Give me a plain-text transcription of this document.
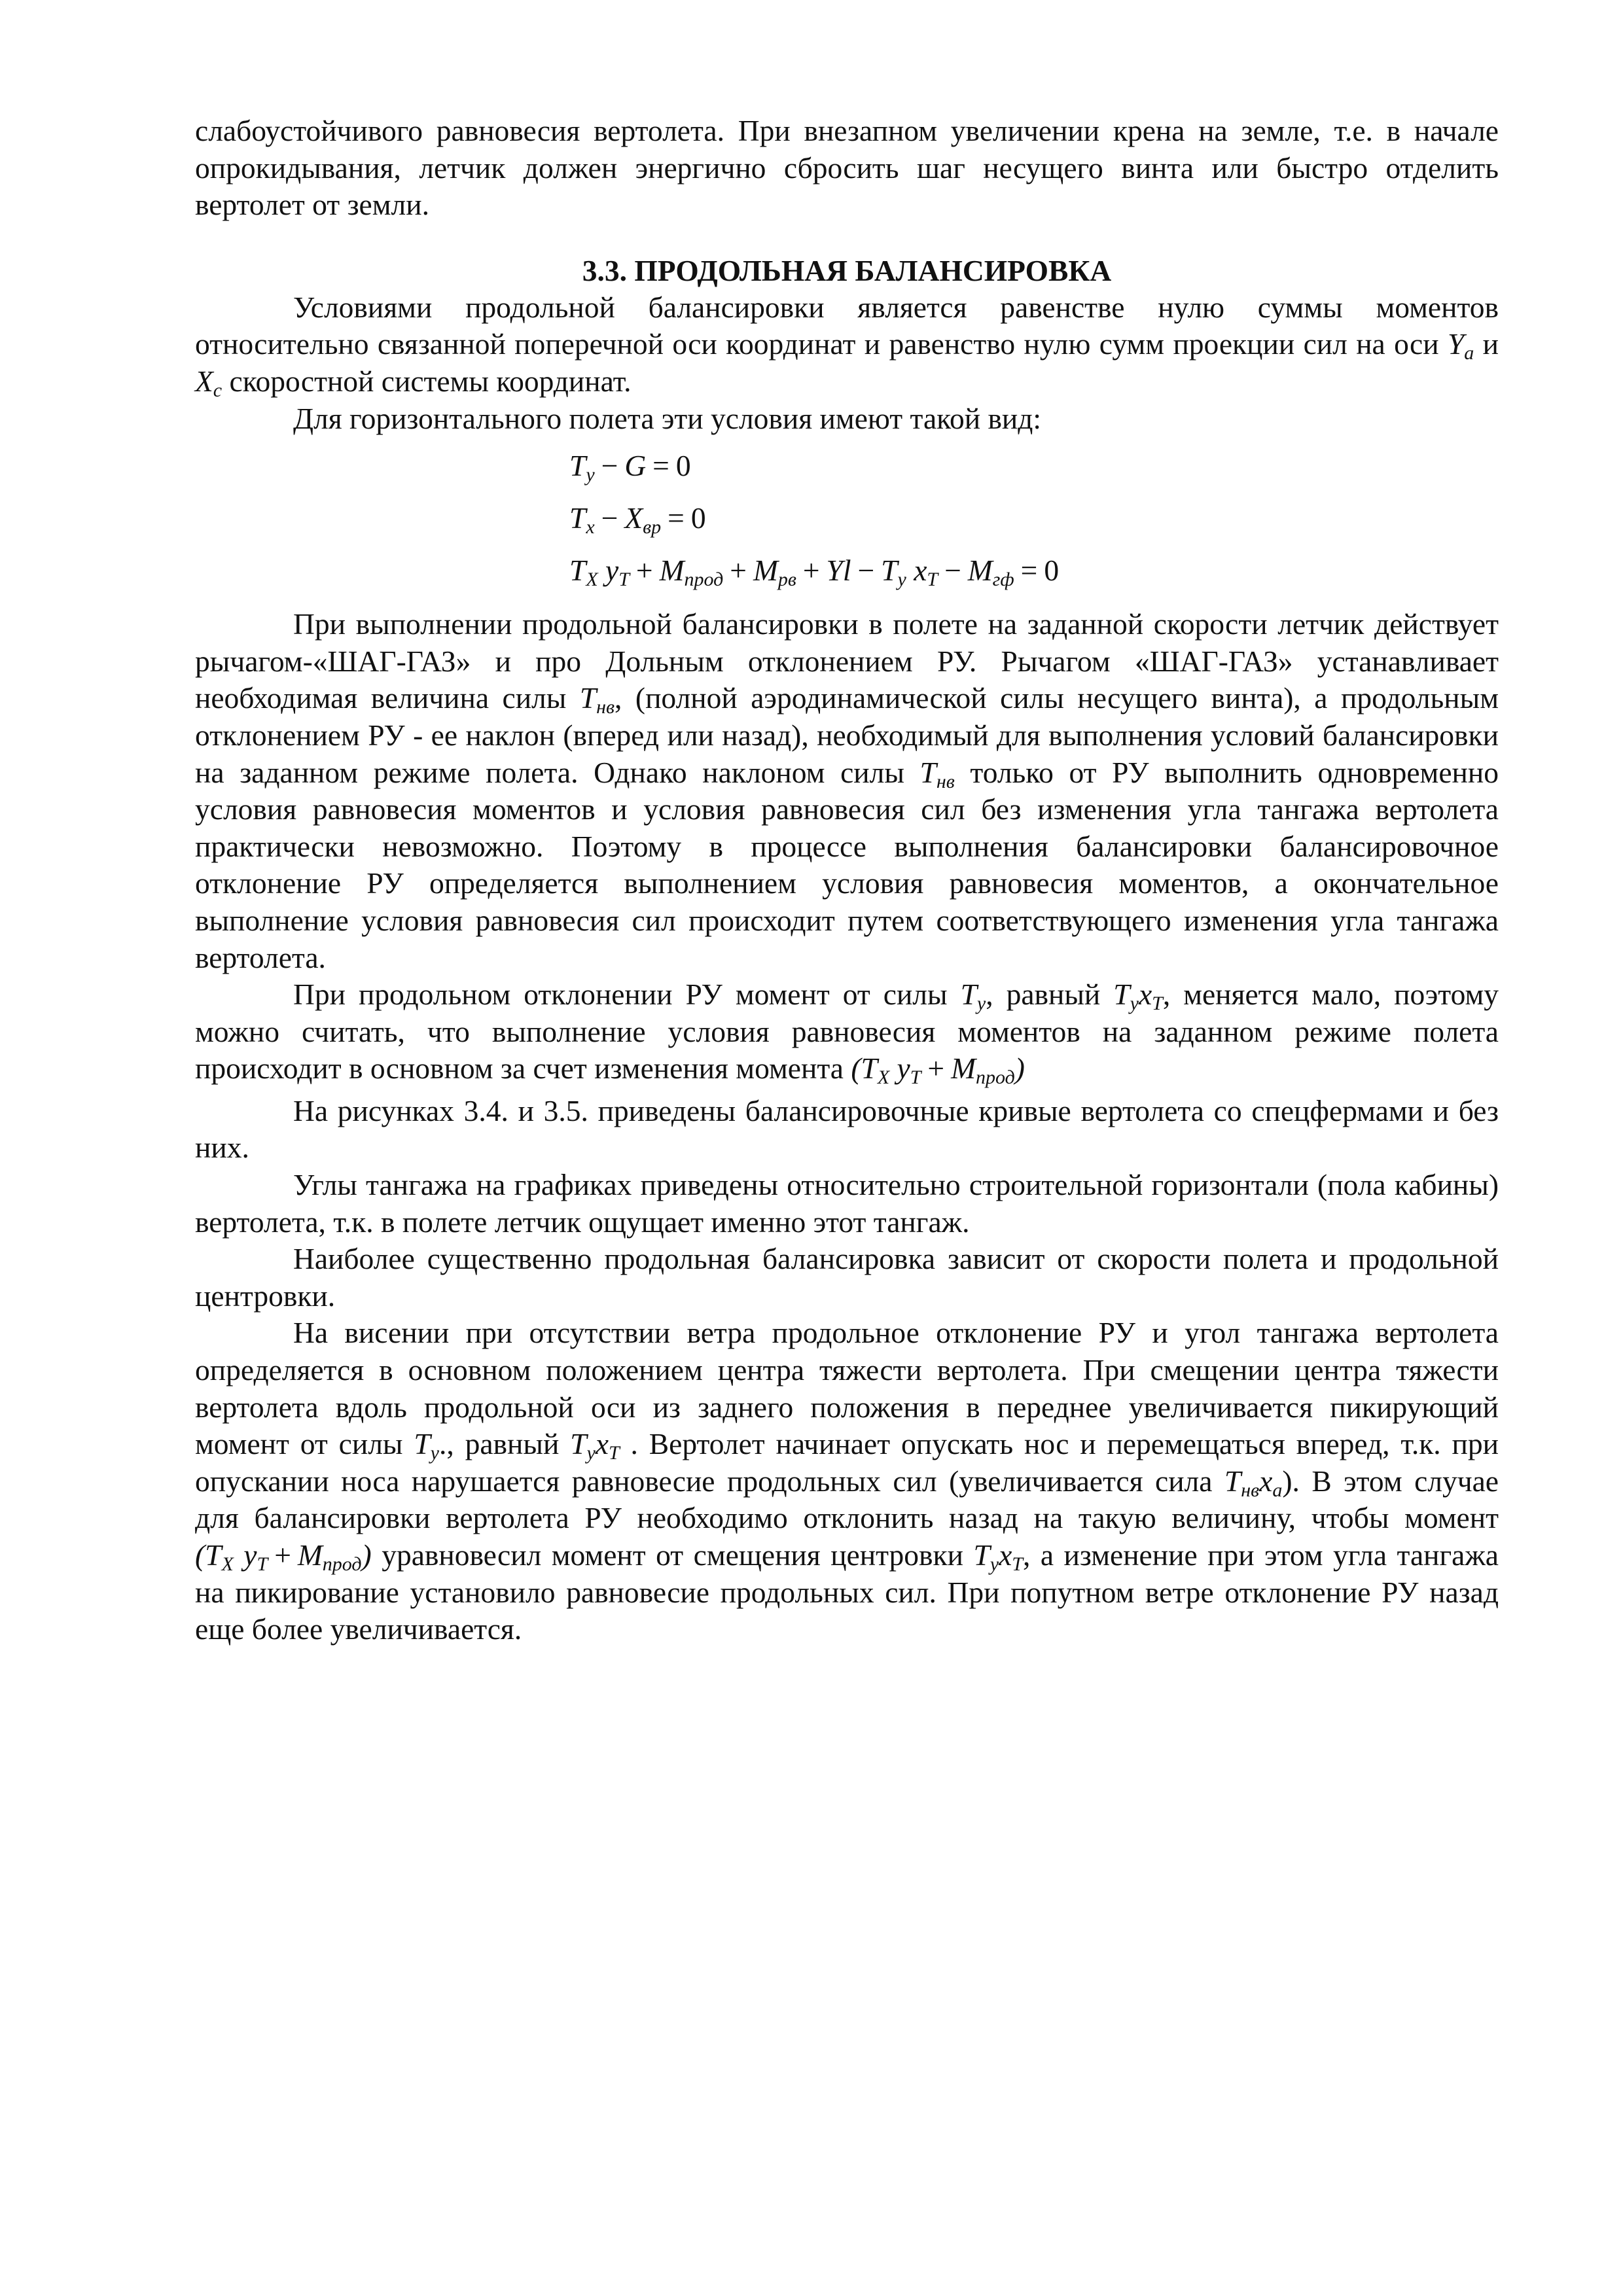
слабоустойчивого равновесия вертолета. При внезапном увеличении крена на земле, т.е. в начале опрокидывания, летчик должен энергично сбросить шаг несущего винта или быстро отделить вертолет от земли.

3.3. ПРОДОЛЬНАЯ БАЛАНСИРОВКА

Условиями продольной балансировки является равенстве нулю суммы моментов относительно связанной поперечной оси координат и равенство нулю сумм проекции сил на оси $Y_a$ и $X_c$ скоростной системы координат.

Для горизонтального полета эти условия имеют такой вид:

$T_y - G = 0$
$T_x - X_{вр} = 0$
$T_X$ $y_T + M_{прод} + M_{рв} + Yl - T_y$ $x_T - M_{гф} = 0$

При выполнении продольной балансировки в полете на заданной скорости летчик действует рычагом-«ШАГ-ГАЗ» и про Дольным отклонением РУ. Рычагом «ШАГ-ГАЗ» устанавливает необходимая величина силы $T_{нв}$, (полной аэродинамической силы несущего винта), а продольным отклонением РУ - ее наклон (вперед или назад), необходимый для выполнения условий балансировки на заданном режиме полета. Однако наклоном силы $T_{нв}$ только от РУ выполнить одновременно условия равновесия моментов и условия равновесия сил без изменения угла тангажа вертолета практически невозможно. Поэтому в процессе выполнения балансировки балансировочное отклонение РУ определяется выполнением условия равновесия моментов, а окончательное выполнение условия равновесия сил происходит путем соответствующего изменения угла тангажа вертолета.

При продольном отклонении РУ момент от силы $T_y$, равный $T_yx_T$, меняется мало, поэтому можно считать, что выполнение условия равновесия моментов на заданном режиме полета происходит в основном за счет изменения момента ($T_X$ $y_T + M_{прод}$)

На рисунках 3.4. и 3.5. приведены балансировочные кривые вертолета со спецфермами и без них.

Углы тангажа на графиках приведены относительно строительной горизонтали (пола кабины) вертолета, т.к. в полете летчик ощущает именно этот тангаж.

Наиболее существенно продольная балансировка зависит от скорости полета и продольной центровки.

На висении при отсутствии ветра продольное отклонение РУ и угол тангажа вертолета определяется в основном положением центра тяжести вертолета. При смещении центра тяжести вертолета вдоль продольной оси из заднего положения в переднее увеличивается пикирующий момент от силы $T_y$., равный $T_yx_T$ . Вертолет начинает опускать нос и перемещаться вперед, т.к. при опускании носа нарушается равновесие продольных сил (увеличивается сила $T_{нв}x_a$). В этом случае для балансировки вертолета РУ необходимо отклонить назад на такую величину, чтобы момент ($T_X$ $y_T + M_{прод}$) уравновесил момент от смещения центровки $T_yx_T$, а изменение при этом угла тангажа на пикирование установило равновесие продольных сил. При попутном ветре отклонение РУ назад еще более увеличивается.
